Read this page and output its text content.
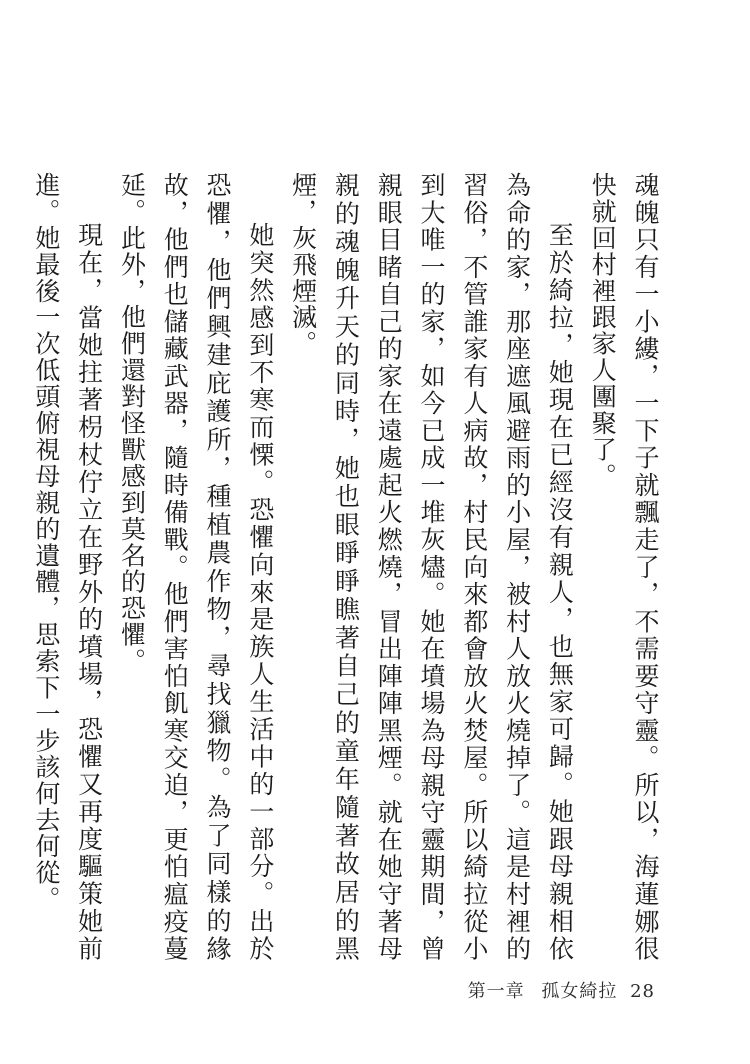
魂魄只有一小縷，一下子就飄走了，不需要守靈。所以，海蓮娜很快就回村裡跟家人團聚了。

至於綺拉，她現在已經沒有親人，也無家可歸。她跟母親相依為命的家，那座遮風避雨的小屋，被村人放火燒掉了。這是村裡的習俗，不管誰家有人病故，村民向來都會放火焚屋。所以綺拉從小到大唯一的家，如今已成一堆灰燼。她在墳場為母親守靈期間，曾親眼目睹自己的家在遠處起火燃燒，冒出陣陣黑煙。就在她守著母親的魂魄升天的同時，她也眼睜睜瞧著自己的童年隨著故居的黑煙，灰飛煙滅。

她突然感到不寒而慄。恐懼向來是族人生活中的一部分。出於恐懼，他們興建庇護所，種植農作物，尋找獵物。為了同樣的緣故，他們也儲藏武器，隨時備戰。他們害怕飢寒交迫，更怕瘟疫蔓延。此外，他們還對怪獸感到莫名的恐懼。

現在，當她拄著枴杖佇立在野外的墳場，恐懼又再度驅策她前進。她最後一次低頭俯視母親的遺體，思索下一步該何去何從。

第一章 孤女綺拉 28
